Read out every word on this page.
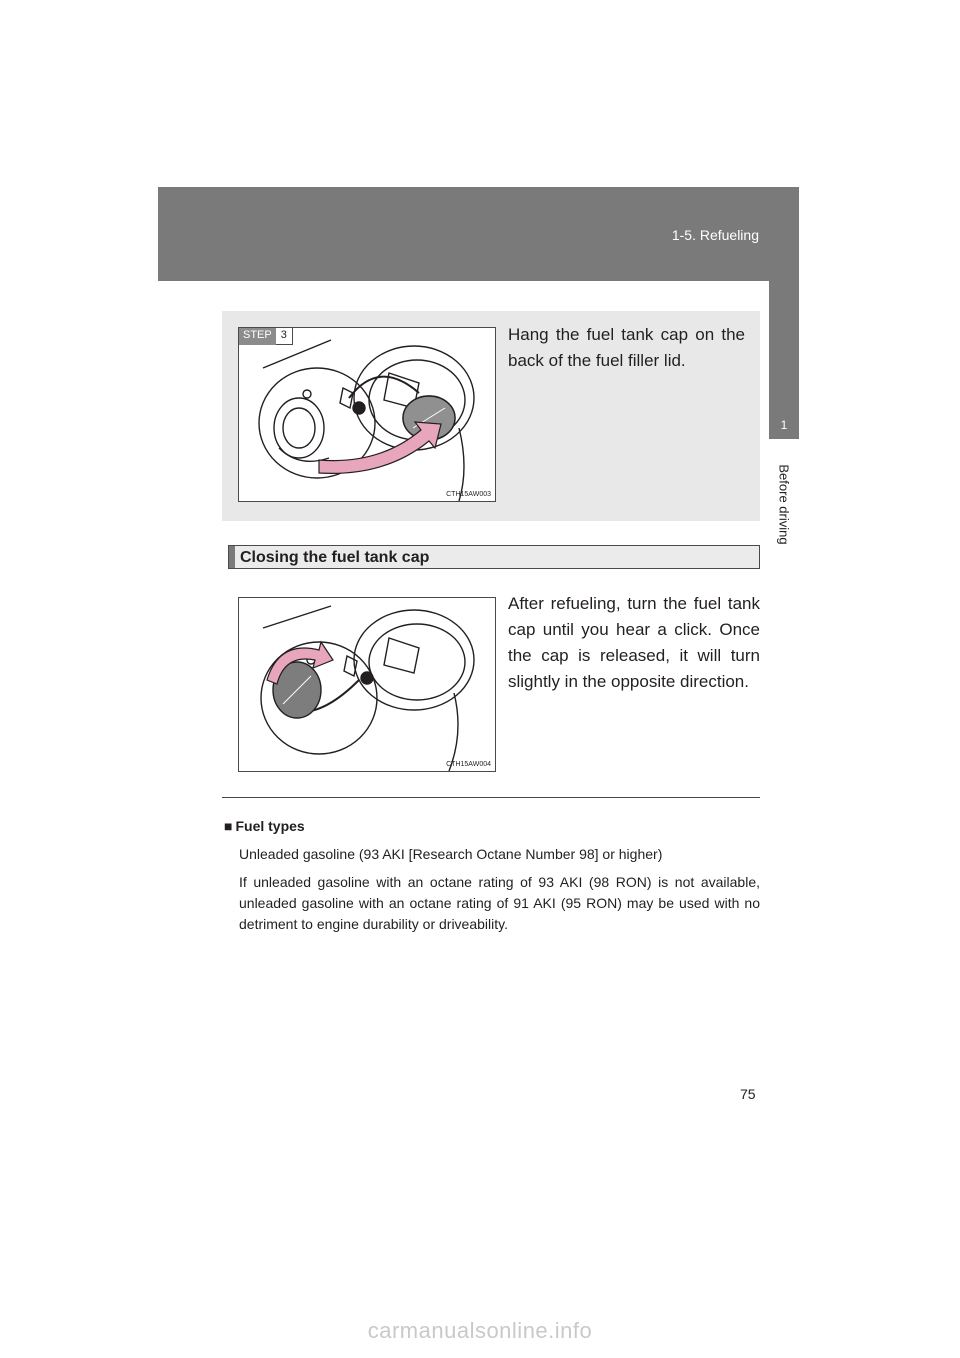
1-5. Refueling
1
Before driving
STEP 3
CTH15AW003
Hang the fuel tank cap on the back of the fuel filler lid.
Closing the fuel tank cap
CTH15AW004
After refueling, turn the fuel tank cap until you hear a click. Once the cap is released, it will turn slightly in the opposite direction.
■ Fuel types

Unleaded gasoline (93 AKI [Research Octane Number 98] or higher)

If unleaded gasoline with an octane rating of 93 AKI (98 RON) is not available, unleaded gasoline with an octane rating of 91 AKI (95 RON) may be used with no detriment to engine durability or driveability.

75
carmanualsonline.info
